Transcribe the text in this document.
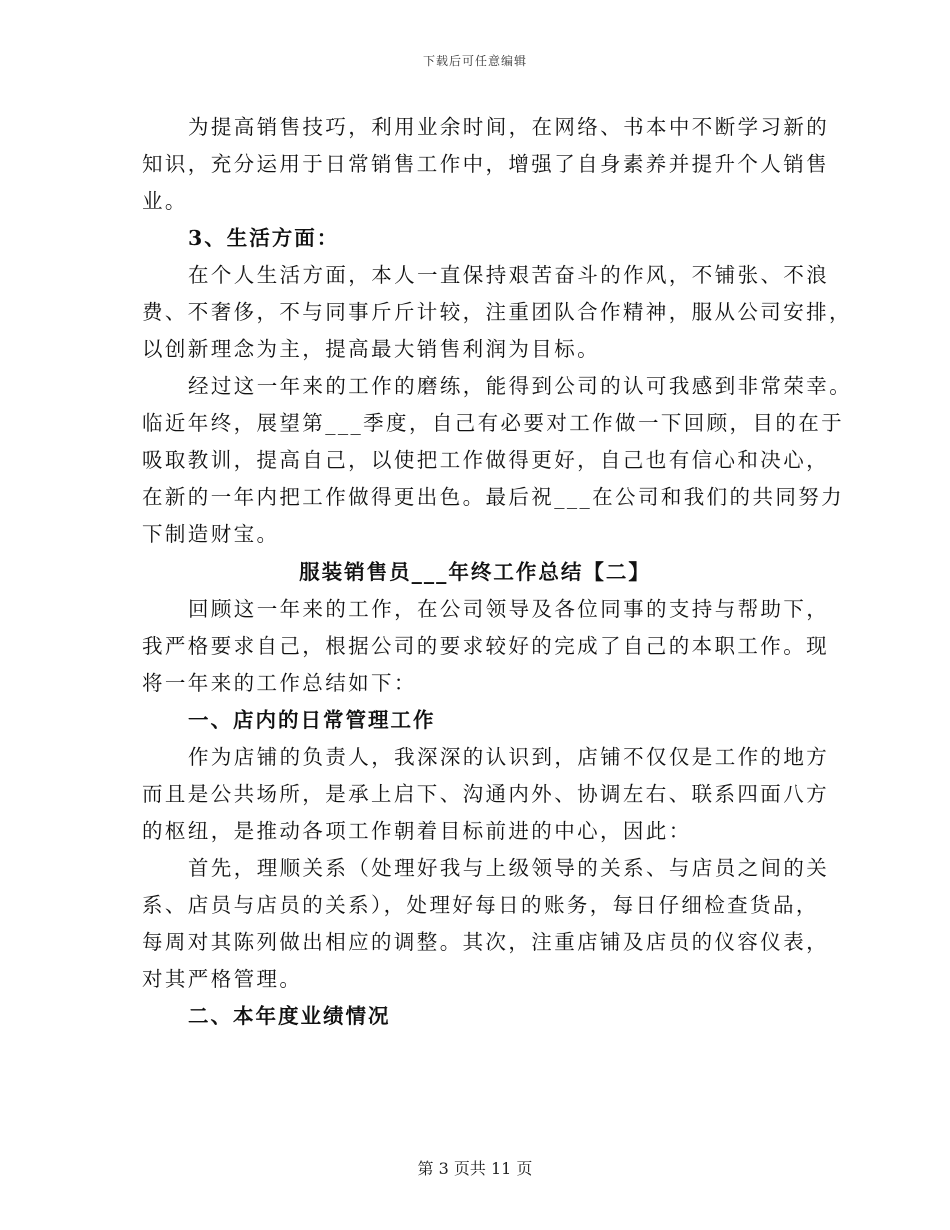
下载后可任意编辑
为提高销售技巧，利用业余时间，在网络、书本中不断学习新的
知识，充分运用于日常销售工作中，增强了自身素养并提升个人销售
业。
3、生活方面：
在个人生活方面，本人一直保持艰苦奋斗的作风，不铺张、不浪
费、不奢侈，不与同事斤斤计较，注重团队合作精神，服从公司安排，
以创新理念为主，提高最大销售利润为目标。
经过这一年来的工作的磨练，能得到公司的认可我感到非常荣幸。
临近年终，展望第___季度，自己有必要对工作做一下回顾，目的在于
吸取教训，提高自己，以使把工作做得更好，自己也有信心和决心，
在新的一年内把工作做得更出色。最后祝___在公司和我们的共同努力
下制造财宝。
服装销售员___年终工作总结【二】
回顾这一年来的工作，在公司领导及各位同事的支持与帮助下，
我严格要求自己，根据公司的要求较好的完成了自己的本职工作。现
将一年来的工作总结如下：
一、店内的日常管理工作
作为店铺的负责人，我深深的认识到，店铺不仅仅是工作的地方
而且是公共场所，是承上启下、沟通内外、协调左右、联系四面八方
的枢纽，是推动各项工作朝着目标前进的中心，因此：
首先，理顺关系（处理好我与上级领导的关系、与店员之间的关
系、店员与店员的关系），处理好每日的账务，每日仔细检查货品，
每周对其陈列做出相应的调整。其次，注重店铺及店员的仪容仪表，
对其严格管理。
二、本年度业绩情况
第 3 页共 11 页
